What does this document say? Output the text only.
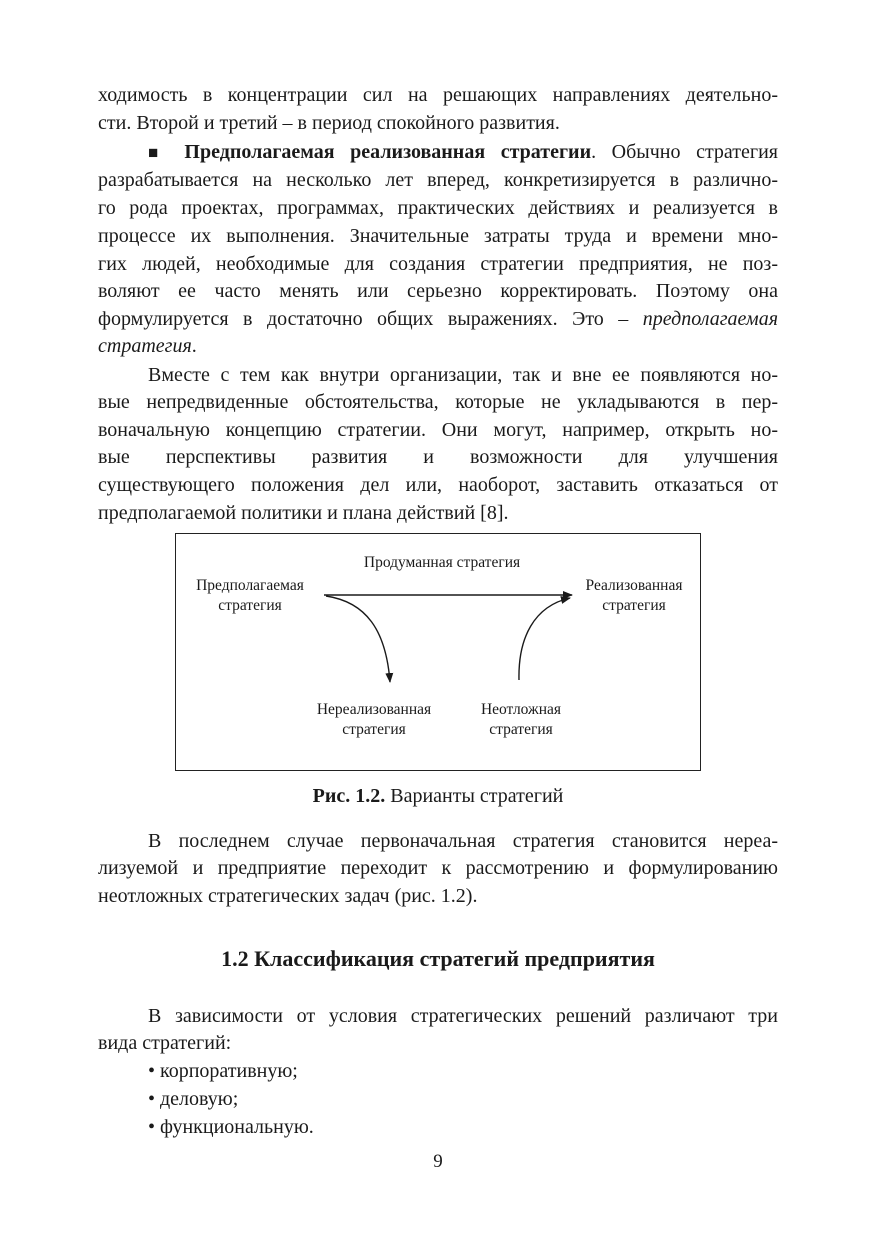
ходимость в концентрации сил на решающих направлениях деятельно-
сти. Второй и третий – в период спокойного развития.
■ Предполагаемая реализованная стратегии. Обычно стратегия
разрабатывается на несколько лет вперед, конкретизируется в различно-
го рода проектах, программах, практических действиях и реализуется в
процессе их выполнения. Значительные затраты труда и времени мно-
гих людей, необходимые для создания стратегии предприятия, не поз-
воляют ее часто менять или серьезно корректировать. Поэтому она
формулируется в достаточно общих выражениях. Это – предполагаемая
стратегия.
Вместе с тем как внутри организации, так и вне ее появляются но-
вые непредвиденные обстоятельства, которые не укладываются в пер-
воначальную концепцию стратегии. Они могут, например, открыть но-
вые перспективы развития и возможности для улучшения
существующего положения дел или, наоборот, заставить отказаться от
предполагаемой политики и плана действий [8].
Продуманная стратегия
Предполагаемая
стратегия
Реализованная
стратегия
Нереализованная
стратегия
Неотложная
стратегия
Рис. 1.2. Варианты стратегий
В последнем случае первоначальная стратегия становится нереа-
лизуемой и предприятие переходит к рассмотрению и формулированию
неотложных стратегических задач (рис. 1.2).
1.2 Классификация стратегий предприятия
В зависимости от условия стратегических решений различают три
вида стратегий:
• корпоративную;
• деловую;
• функциональную.
9
